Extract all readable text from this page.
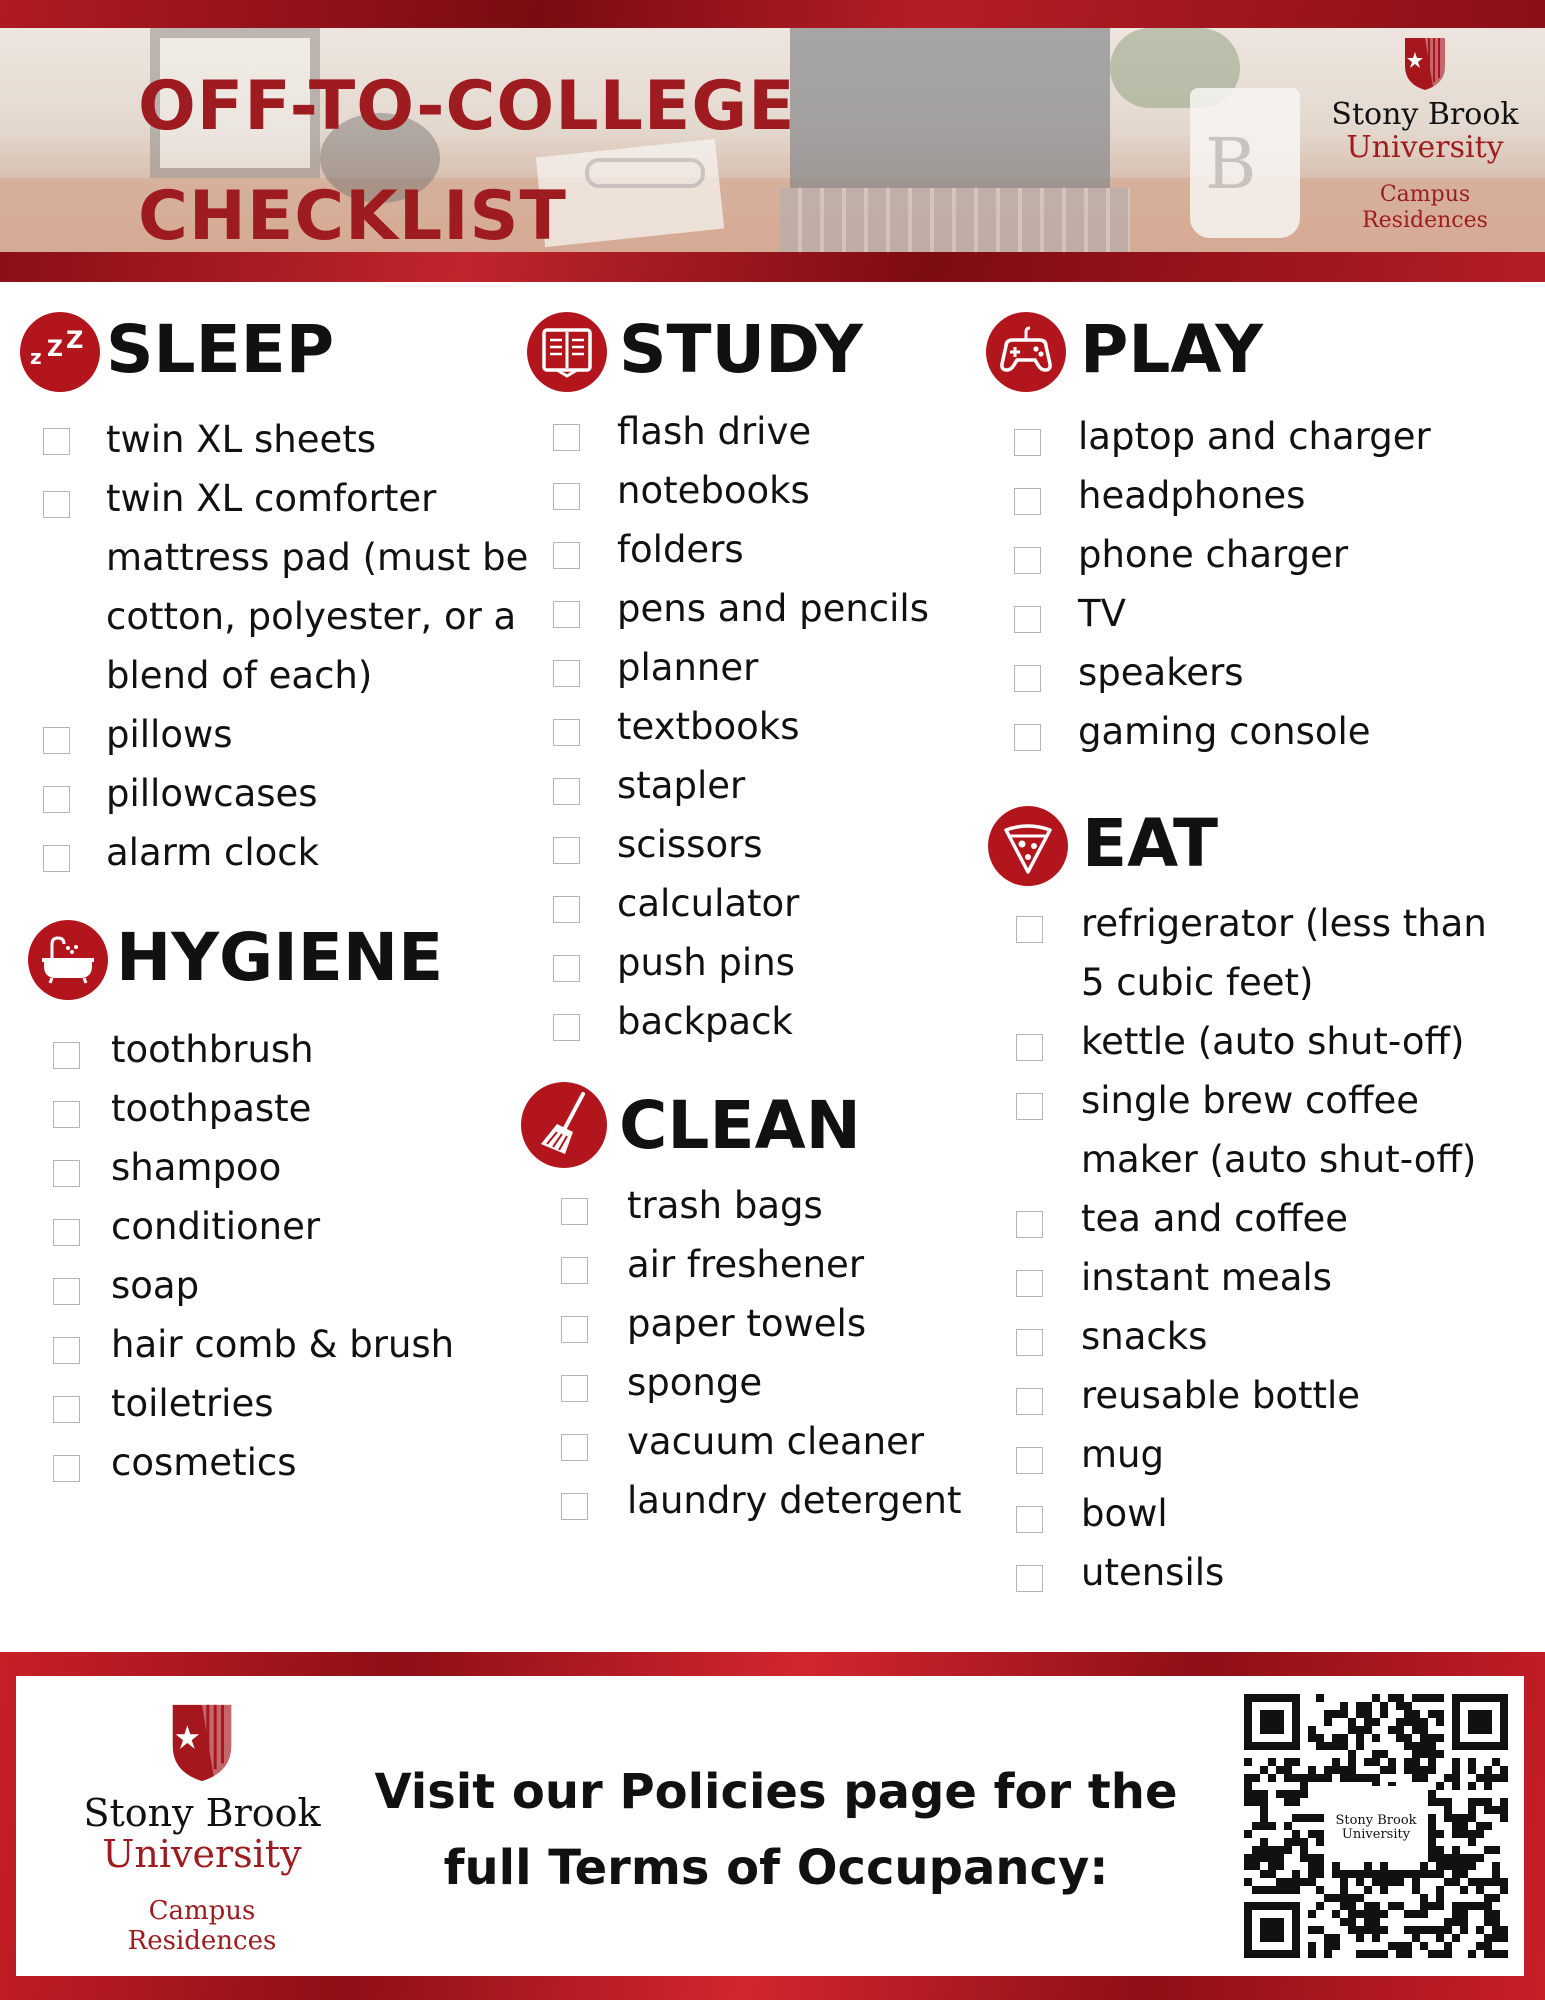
B
OFF-TO-COLLEGE
CHECKLIST
Stony Brook
University
Campus Residences
z Z Z SLEEP
twin XL sheets
twin XL comforter
mattress pad (must be
cotton, polyester, or a
blend of each)
pillows
pillowcases
alarm clock
HYGIENE
toothbrush
toothpaste
shampoo
conditioner
soap
hair comb & brush
toiletries
cosmetics
STUDY
flash drive
notebooks
folders
pens and pencils
planner
textbooks
stapler
scissors
calculator
push pins
backpack
CLEAN
trash bags
air freshener
paper towels
sponge
vacuum cleaner
laundry detergent
PLAY
laptop and charger
headphones
phone charger
TV
speakers
gaming console
EAT
refrigerator (less than
5 cubic feet)
kettle (auto shut-off)
single brew coffee
maker (auto shut-off)
tea and coffee
instant meals
snacks
reusable bottle
mug
bowl
utensils
Stony Brook
University
Campus Residences
Visit our Policies page for the
full Terms of Occupancy:
Stony Brook
University
